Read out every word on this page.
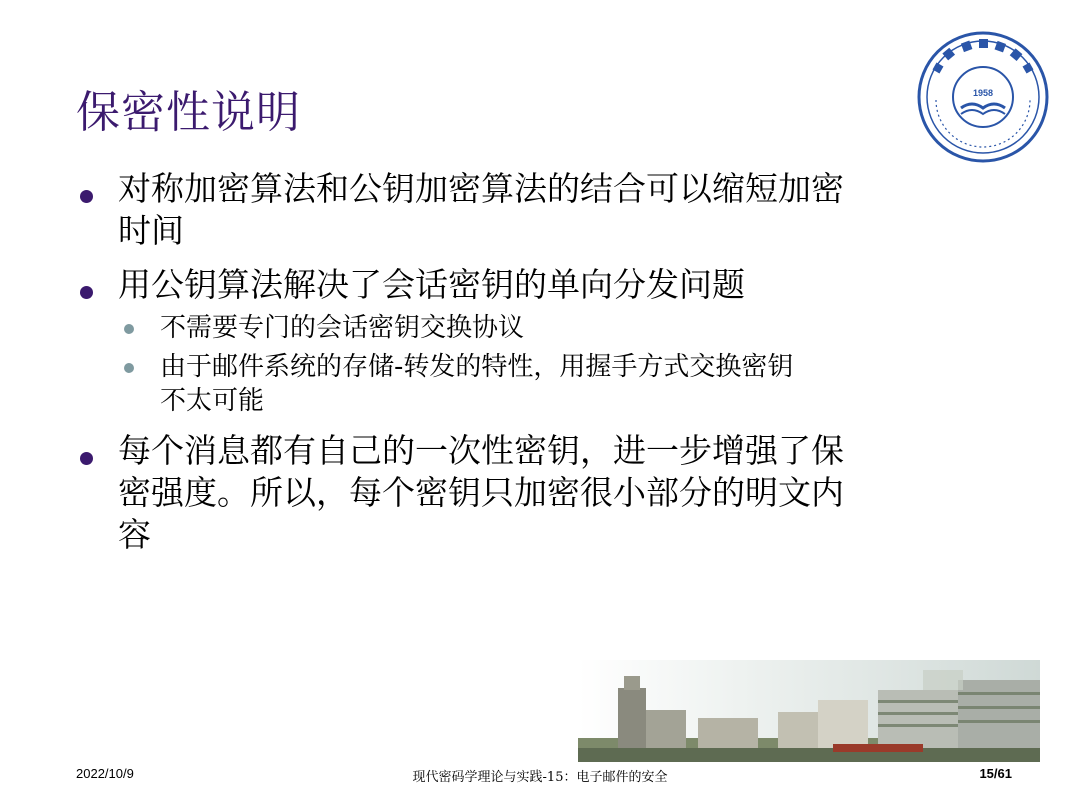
保密性说明	1958
对称加密算法和公钥加密算法的结合可以缩短加密
时间
用公钥算法解决了会话密钥的单向分发问题
不需要专门的会话密钥交换协议
由于邮件系统的存储-转发的特性，用握手方式交换密钥
不太可能
每个消息都有自己的一次性密钥，进一步增强了保
密强度。所以，每个密钥只加密很小部分的明文内
容
2022/10/9	现代密码学理论与实践-15：电子邮件的安全	15/61
